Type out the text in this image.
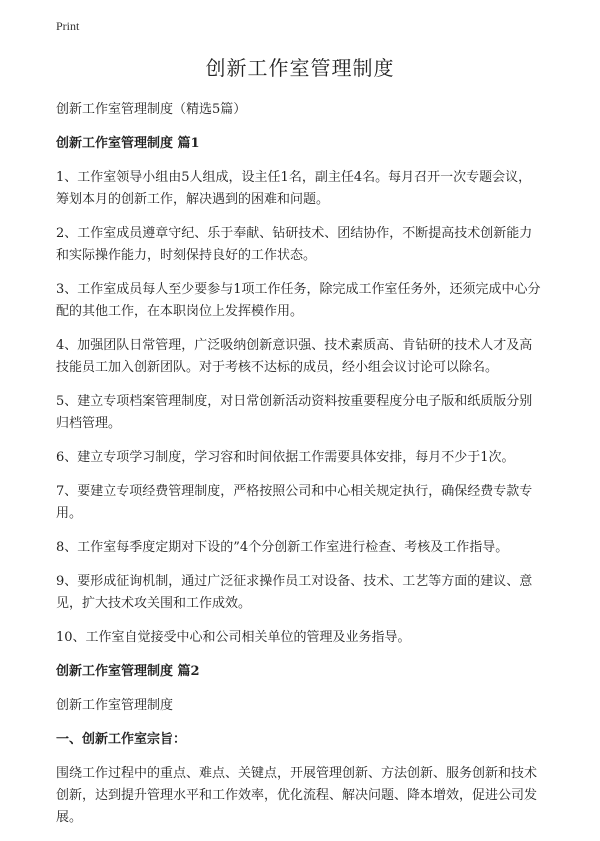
Print
创新工作室管理制度
创新工作室管理制度（精选5篇）
创新工作室管理制度 篇1
1、工作室领导小组由5人组成，设主任1名，副主任4名。每月召开一次专题会议，筹划本月的创新工作，解决遇到的困难和问题。
2、工作室成员遵章守纪、乐于奉献、钻研技术、团结协作，不断提高技术创新能力和实际操作能力，时刻保持良好的工作状态。
3、工作室成员每人至少要参与1项工作任务，除完成工作室任务外，还须完成中心分配的其他工作，在本职岗位上发挥模作用。
4、加强团队日常管理，广泛吸纳创新意识强、技术素质高、肯钻研的技术人才及高技能员工加入创新团队。对于考核不达标的成员，经小组会议讨论可以除名。
5、建立专项档案管理制度，对日常创新活动资料按重要程度分电子版和纸质版分别归档管理。
6、建立专项学习制度，学习容和时间依据工作需要具体安排，每月不少于1次。
7、要建立专项经费管理制度，严格按照公司和中心相关规定执行，确保经费专款专用。
8、工作室每季度定期对下设的”4个分创新工作室进行检查、考核及工作指导。
9、要形成征询机制，通过广泛征求操作员工对设备、技术、工艺等方面的建议、意见，扩大技术攻关围和工作成效。
10、工作室自觉接受中心和公司相关单位的管理及业务指导。
创新工作室管理制度 篇2
创新工作室管理制度
一、创新工作室宗旨：
围绕工作过程中的重点、难点、关键点，开展管理创新、方法创新、服务创新和技术创新，达到提升管理水平和工作效率，优化流程、解决问题、降本增效，促进公司发展。
